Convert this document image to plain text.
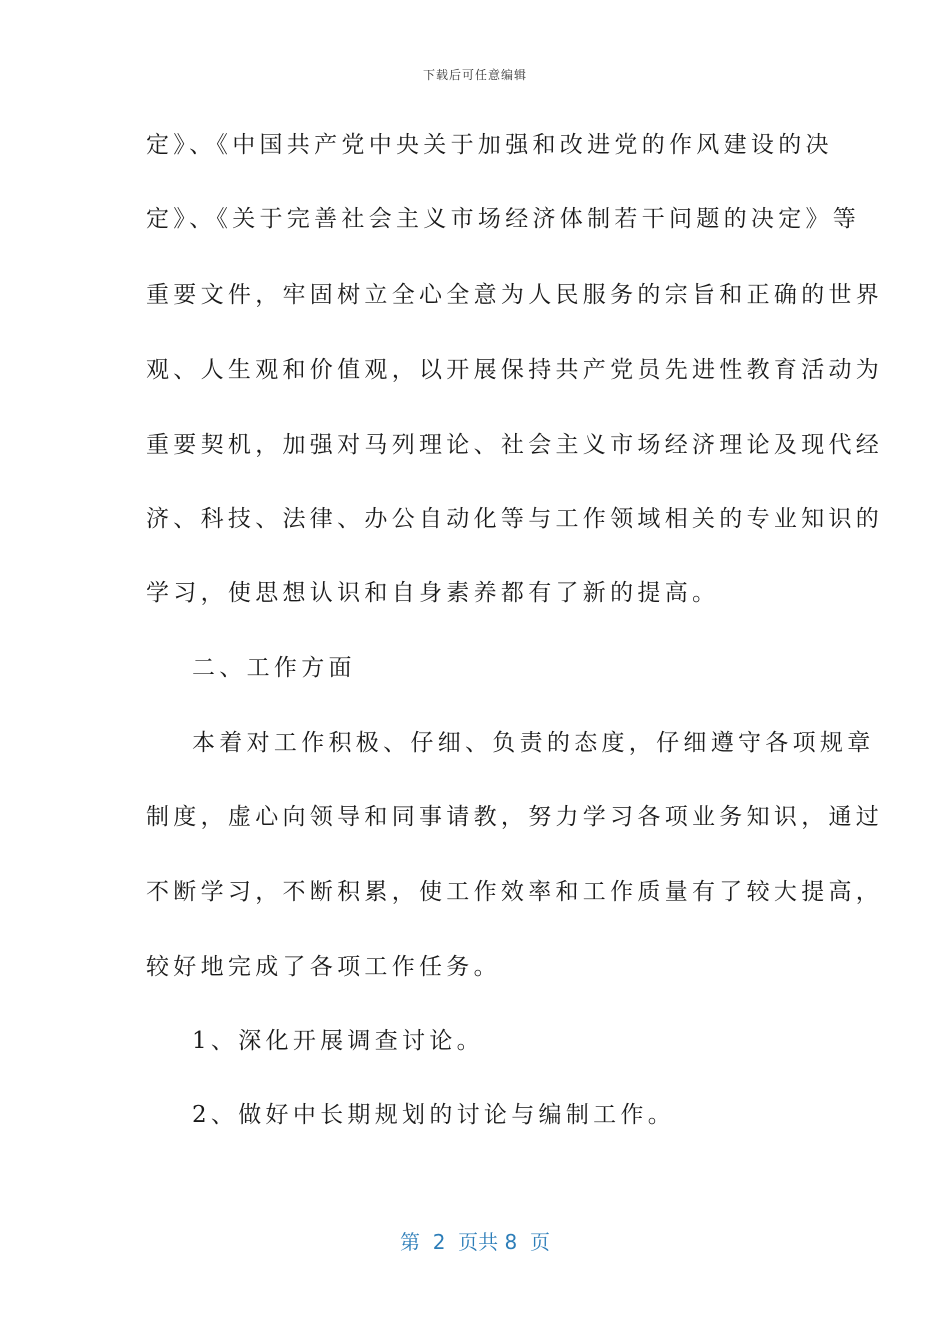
下载后可任意编辑
定》、《中国共产党中央关于加强和改进党的作风建设的决
定》、《关于完善社会主义市场经济体制若干问题的决定》等
重要文件，牢固树立全心全意为人民服务的宗旨和正确的世界
观、人生观和价值观，以开展保持共产党员先进性教育活动为
重要契机，加强对马列理论、社会主义市场经济理论及现代经
济、科技、法律、办公自动化等与工作领域相关的专业知识的
学习，使思想认识和自身素养都有了新的提高。
二、工作方面
本着对工作积极、仔细、负责的态度，仔细遵守各项规章
制度，虚心向领导和同事请教，努力学习各项业务知识，通过
不断学习，不断积累，使工作效率和工作质量有了较大提高，
较好地完成了各项工作任务。
1、深化开展调查讨论。
2、做好中长期规划的讨论与编制工作。
第  2  页共 8  页
